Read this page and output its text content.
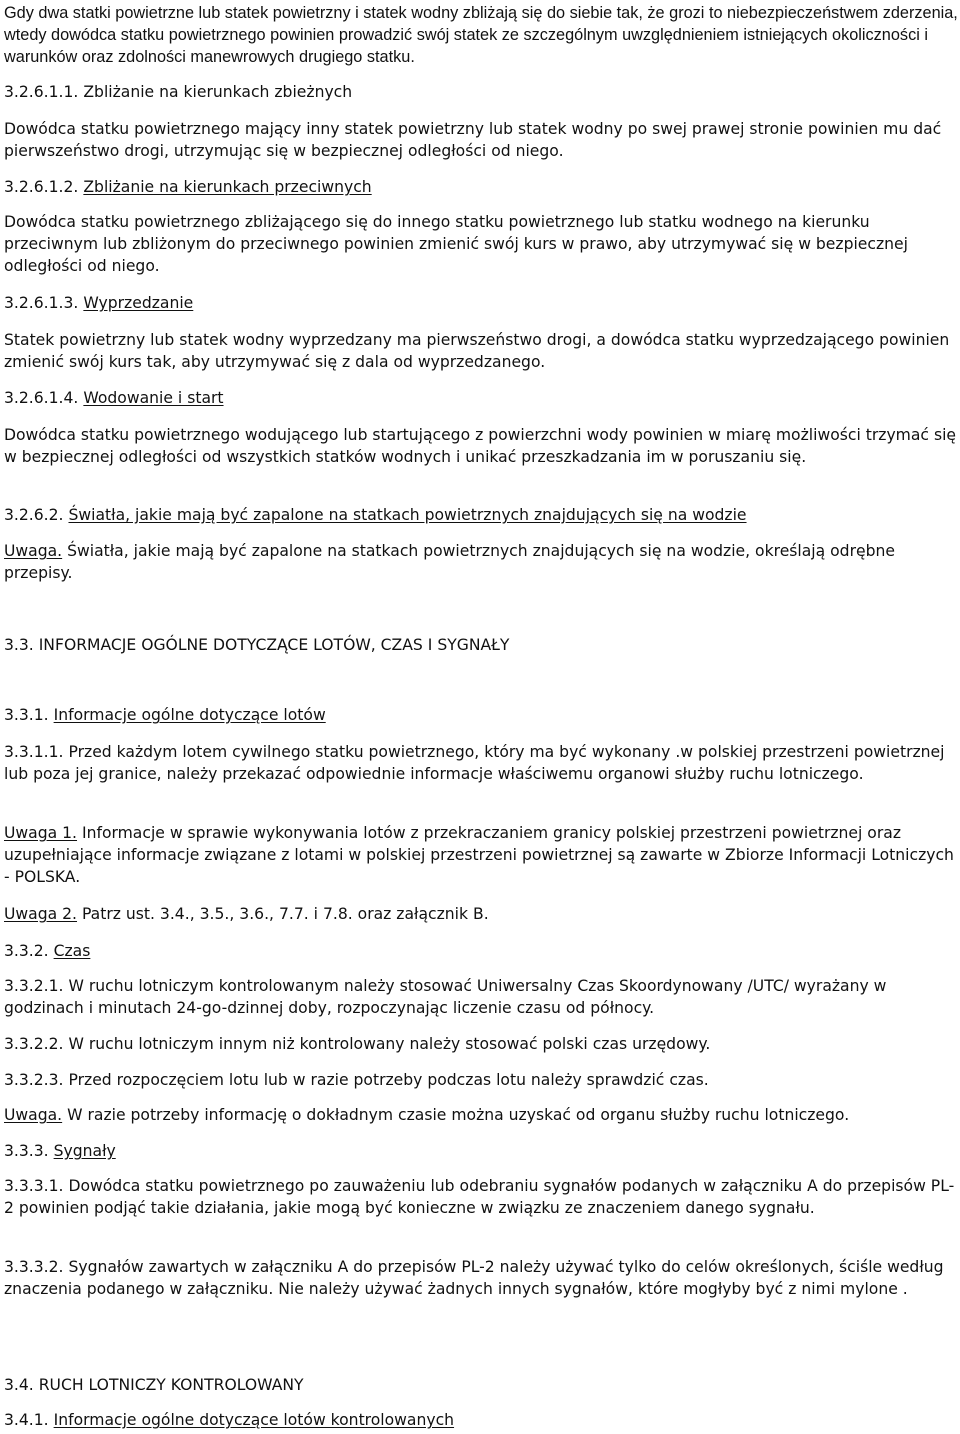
Gdy dwa statki powietrzne lub statek powietrzny i statek wodny zbliżają się do siebie tak, że grozi to niebezpieczeństwem zderzenia, wtedy dowódca statku powietrznego powinien prowadzić swój statek ze szczególnym uwzględnieniem istniejących okoliczności i warunków oraz zdolności manewrowych drugiego statku.

3.2.6.1.1. Zbliżanie na kierunkach zbieżnych

Dowódca statku powietrznego mający inny statek powietrzny lub statek wodny po swej prawej stronie powinien mu dać pierwszeństwo drogi, utrzymując się w bezpiecznej odległości od niego.

3.2.6.1.2. Zbliżanie na kierunkach przeciwnych

Dowódca statku powietrznego zbliżającego się do innego statku powietrznego lub statku wodnego na kierunku przeciwnym lub zbliżonym do przeciwnego powinien zmienić swój kurs w prawo, aby utrzymywać się w bezpiecznej odległości od niego.

3.2.6.1.3. Wyprzedzanie

Statek powietrzny lub statek wodny wyprzedzany ma pierwszeństwo drogi, a dowódca statku wyprzedzającego powinien zmienić swój kurs tak, aby utrzymywać się z dala od wyprzedzanego.

3.2.6.1.4. Wodowanie i start

Dowódca statku powietrznego wodującego lub startującego z powierzchni wody powinien w miarę możliwości trzymać się w bezpiecznej odległości od wszystkich statków wodnych i unikać przeszkadzania im w poruszaniu się.

3.2.6.2. Światła, jakie mają być zapalone na statkach powietrznych znajdujących się na wodzie

Uwaga. Światła, jakie mają być zapalone na statkach powietrznych znajdujących się na wodzie, określają odrębne przepisy.

3.3. INFORMACJE OGÓLNE DOTYCZĄCE LOTÓW, CZAS I SYGNAŁY

3.3.1. Informacje ogólne dotyczące lotów

3.3.1.1. Przed każdym lotem cywilnego statku powietrznego, który ma być wykonany .w polskiej przestrzeni powietrznej lub poza jej granice, należy przekazać odpowiednie informacje właściwemu organowi służby ruchu lotniczego.

Uwaga 1. Informacje w sprawie wykonywania lotów z przekraczaniem granicy polskiej przestrzeni powietrznej oraz uzupełniające informacje związane z lotami w polskiej przestrzeni powietrznej są zawarte w Zbiorze Informacji Lotniczych - POLSKA.

Uwaga 2. Patrz ust. 3.4., 3.5., 3.6., 7.7. i 7.8. oraz załącznik B.

3.3.2. Czas

3.3.2.1. W ruchu lotniczym kontrolowanym należy stosować Uniwersalny Czas Skoordynowany /UTC/ wyrażany w godzinach i minutach 24-go-dzinnej doby, rozpoczynając liczenie czasu od północy.

3.3.2.2. W ruchu lotniczym innym niż kontrolowany należy stosować polski czas urzędowy.

3.3.2.3. Przed rozpoczęciem lotu lub w razie potrzeby podczas lotu należy sprawdzić czas.

Uwaga. W razie potrzeby informację o dokładnym czasie można uzyskać od organu służby ruchu lotniczego.

3.3.3. Sygnały

3.3.3.1. Dowódca statku powietrznego po zauważeniu lub odebraniu sygnałów podanych w załączniku A do przepisów PL-2 powinien podjąć takie działania, jakie mogą być konieczne w związku ze znaczeniem danego sygnału.

3.3.3.2. Sygnałów zawartych w załączniku A do przepisów PL-2 należy używać tylko do celów określonych, ściśle według znaczenia podanego w załączniku. Nie należy używać żadnych innych sygnałów, które mogłyby być z nimi mylone .

3.4. RUCH LOTNICZY KONTROLOWANY

3.4.1. Informacje ogólne dotyczące lotów kontrolowanych
